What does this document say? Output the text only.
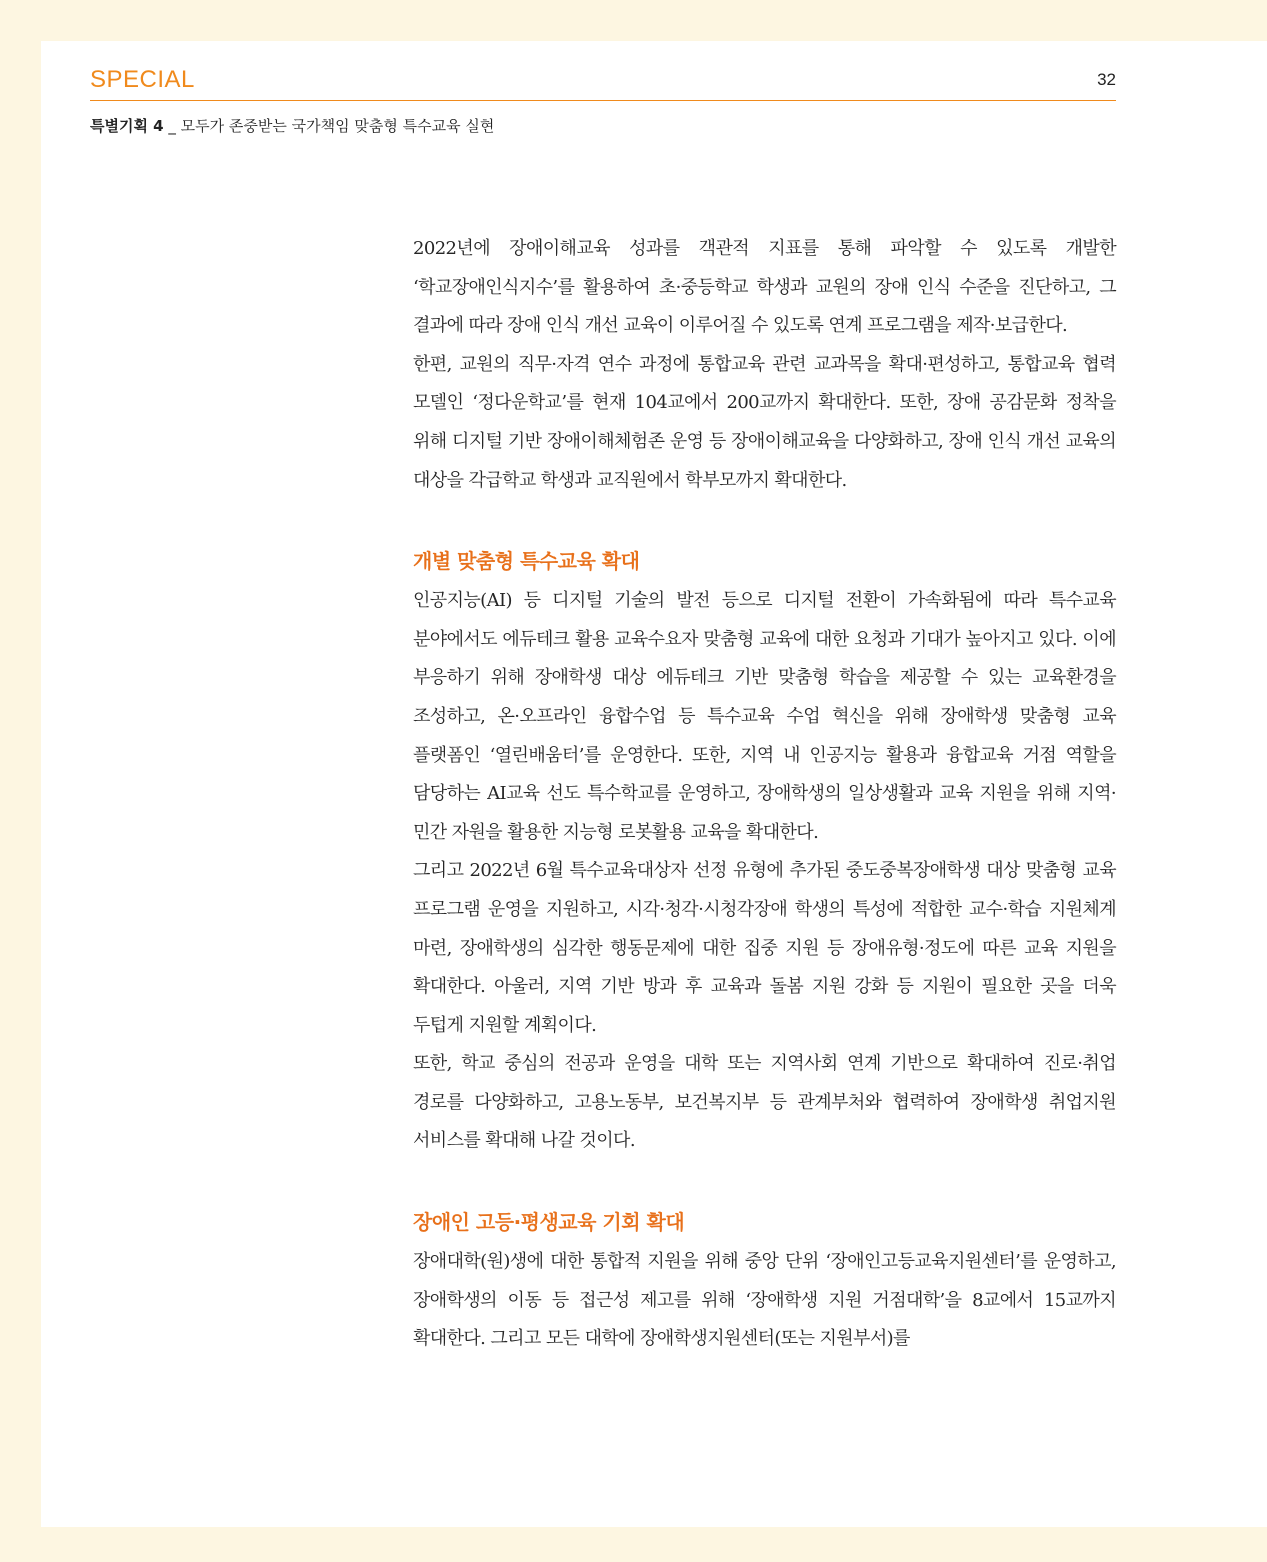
SPECIAL	32
특별기획 4 _ 모두가 존중받는 국가책임 맞춤형 특수교육 실현

2022년에 장애이해교육 성과를 객관적 지표를 통해 파악할 수 있도록 개발한 ‘학교장애인식지수’를 활용하여 초·중등학교 학생과 교원의 장애 인식 수준을 진단하고, 그 결과에 따라 장애 인식 개선 교육이 이루어질 수 있도록 연계 프로그램을 제작·보급한다.

한편, 교원의 직무·자격 연수 과정에 통합교육 관련 교과목을 확대·편성하고, 통합교육 협력 모델인 ‘정다운학교’를 현재 104교에서 200교까지 확대한다. 또한, 장애 공감문화 정착을 위해 디지털 기반 장애이해체험존 운영 등 장애이해교육을 다양화하고, 장애 인식 개선 교육의 대상을 각급학교 학생과 교직원에서 학부모까지 확대한다.

개별 맞춤형 특수교육 확대

인공지능(AI) 등 디지털 기술의 발전 등으로 디지털 전환이 가속화됨에 따라 특수교육 분야에서도 에듀테크 활용 교육수요자 맞춤형 교육에 대한 요청과 기대가 높아지고 있다. 이에 부응하기 위해 장애학생 대상 에듀테크 기반 맞춤형 학습을 제공할 수 있는 교육환경을 조성하고, 온·오프라인 융합수업 등 특수교육 수업 혁신을 위해 장애학생 맞춤형 교육 플랫폼인 ‘열린배움터’를 운영한다. 또한, 지역 내 인공지능 활용과 융합교육 거점 역할을 담당하는 AI교육 선도 특수학교를 운영하고, 장애학생의 일상생활과 교육 지원을 위해 지역·민간 자원을 활용한 지능형 로봇활용 교육을 확대한다.

그리고 2022년 6월 특수교육대상자 선정 유형에 추가된 중도중복장애학생 대상 맞춤형 교육 프로그램 운영을 지원하고, 시각·청각·시청각장애 학생의 특성에 적합한 교수·학습 지원체계 마련, 장애학생의 심각한 행동문제에 대한 집중 지원 등 장애유형·정도에 따른 교육 지원을 확대한다. 아울러, 지역 기반 방과 후 교육과 돌봄 지원 강화 등 지원이 필요한 곳을 더욱 두텁게 지원할 계획이다.

또한, 학교 중심의 전공과 운영을 대학 또는 지역사회 연계 기반으로 확대하여 진로·취업 경로를 다양화하고, 고용노동부, 보건복지부 등 관계부처와 협력하여 장애학생 취업지원 서비스를 확대해 나갈 것이다.

장애인 고등·평생교육 기회 확대

장애대학(원)생에 대한 통합적 지원을 위해 중앙 단위 ‘장애인고등교육지원센터’를 운영하고, 장애학생의 이동 등 접근성 제고를 위해 ‘장애학생 지원 거점대학’을 8교에서 15교까지 확대한다. 그리고 모든 대학에 장애학생지원센터(또는 지원부서)를
